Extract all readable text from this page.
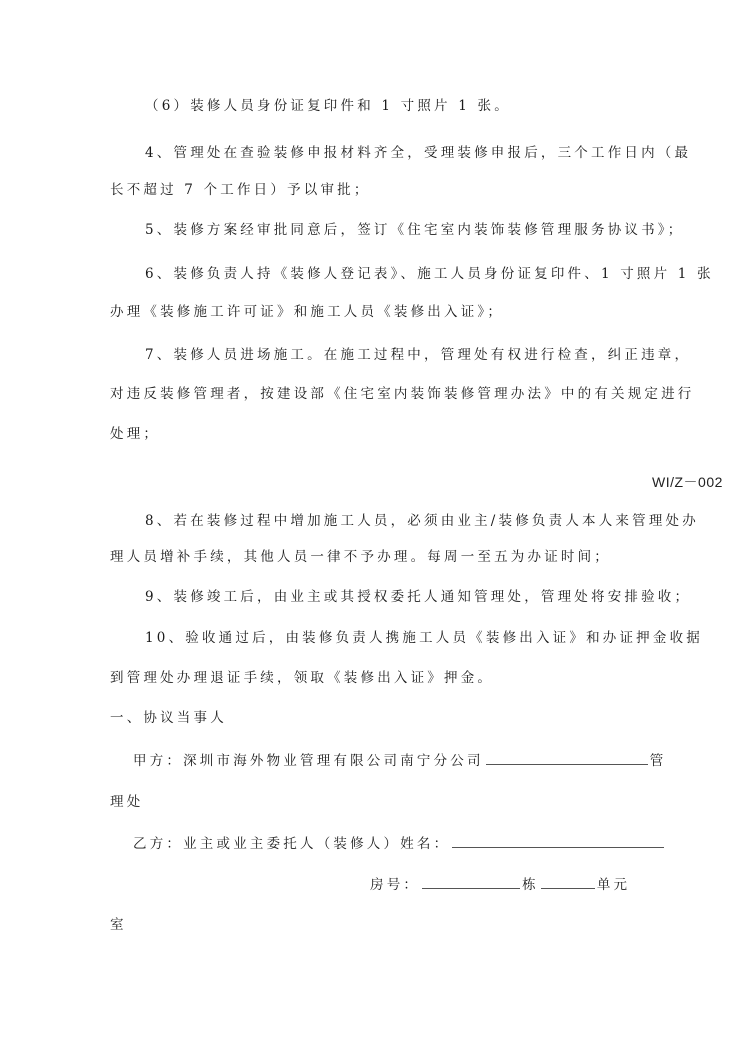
（6）装修人员身份证复印件和 1 寸照片 1 张。
4、管理处在查验装修申报材料齐全，受理装修申报后，三个工作日内（最
长不超过 7 个工作日）予以审批；
5、装修方案经审批同意后，签订《住宅室内装饰装修管理服务协议书》；
6、装修负责人持《装修人登记表》、施工人员身份证复印件、1 寸照片 1 张
办理《装修施工许可证》和施工人员《装修出入证》；
7、装修人员进场施工。在施工过程中，管理处有权进行检查，纠正违章，
对违反装修管理者，按建设部《住宅室内装饰装修管理办法》中的有关规定进行
处理；
WI/Z－002
8、若在装修过程中增加施工人员，必须由业主/装修负责人本人来管理处办
理人员增补手续，其他人员一律不予办理。每周一至五为办证时间；
9、装修竣工后，由业主或其授权委托人通知管理处，管理处将安排验收；
10、验收通过后，由装修负责人携施工人员《装修出入证》和办证押金收据
到管理处办理退证手续，领取《装修出入证》押金。
一、协议当事人
甲方：深圳市海外物业管理有限公司南宁分公司	管
理处
乙方：业主或业主委托人（装修人）姓名：
房号：	栋	单元
室
